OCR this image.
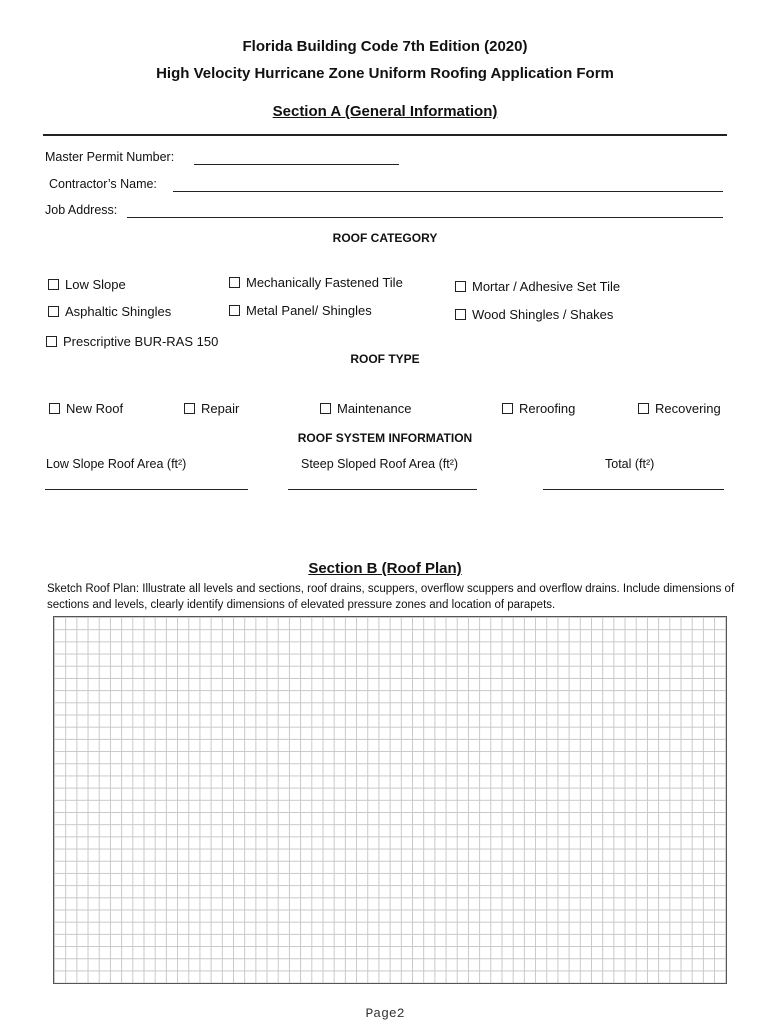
Florida Building Code 7th Edition (2020)
High Velocity Hurricane Zone Uniform Roofing Application Form
Section A (General Information)
Master Permit Number:
Contractor’s Name:
Job Address:
ROOF CATEGORY
Low Slope	Mechanically Fastened Tile	Mortar / Adhesive Set Tile
Asphaltic Shingles	Metal Panel/ Shingles	Wood Shingles / Shakes
Prescriptive BUR-RAS 150
ROOF TYPE
New Roof	Repair	Maintenance	Reroofing	Recovering
ROOF SYSTEM INFORMATION
Low Slope Roof Area (ft²)	Steep Sloped Roof Area (ft²)	Total (ft²)
Section B (Roof Plan)
Sketch Roof Plan: Illustrate all levels and sections, roof drains, scuppers, overflow scuppers and overflow drains. Include dimensions of sections and levels, clearly identify dimensions of elevated pressure zones and location of parapets.
Page2
